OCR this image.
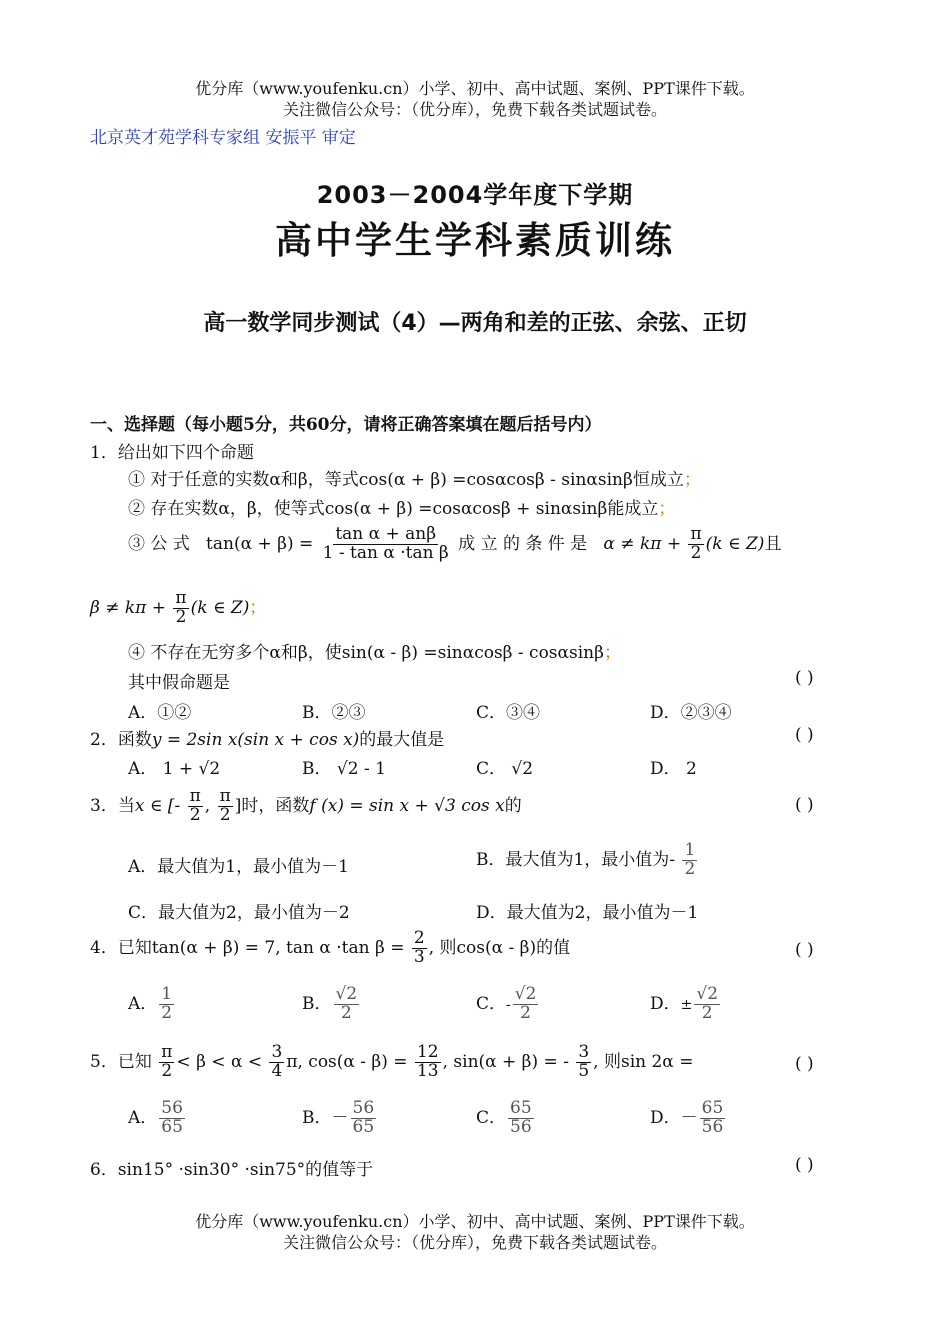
优分库（www.youfenku.cn）小学、初中、高中试题、案例、PPT课件下载。
关注微信公众号：（优分库），免费下载各类试题试卷。
北京英才苑学科专家组 安振平 审定
2003－2004学年度下学期
高中学生学科素质训练
高一数学同步测试（4）—两角和差的正弦、余弦、正切
一、选择题（每小题5分，共60分，请将正确答案填在题后括号内）
1．给出如下四个命题
① 对于任意的实数α和β，等式cos(α + β) =cosαcosβ - sinαsinβ恒成立；
② 存在实数α，β，使等式cos(α + β) =cosαcosβ + sinαsinβ能成立；
③ 公 式 $\tan(\alpha + \beta) = \frac{\text{tan α + anβ}}{\text{1 - tan α ·tan β}}$ 成 立 的 条 件 是 $\alpha \ne k\pi + \frac{\pi}{2} (k$ ∈ Z)且
$\beta \ne k\pi + \frac{\pi}{2} (k$ ∈ Z)；
④ 不存在无穷多个α和β，使sin(α - β) =sinαcosβ - cosαsinβ；
其中假命题是	( )
A．①②	B．②③	C．③④	D．②③④
2．函数y = 2sin x(sin x + cos x)的最大值是	( )
A． 1 + √2	B． √2 - 1	C． √2	D． 2
3．当x ∈ [- $\frac{\pi}{2}$ , $\frac{\pi}{2}$ ]时，函数f (x) = sin x + √3 cos x的	( )
A．最大值为1，最小值为－1	B．最大值为1，最小值为- $\frac{1}{2}$
C．最大值为2，最小值为－2	D．最大值为2，最小值为－1
4．已知tan(α + β) = 7, tan α ·tan $\beta = \frac{2}{3}$ , 则cos(α - β)的值	( )
A． $\frac{1}{2}$	B． $\frac{√2}{2}$	C．- $\frac{√2}{2}$	D．± $\frac{√2}{2}$
5．已知 $\frac{\pi}{2} < \beta < \alpha < \frac{3}{4} \pi$, $\cos(\alpha - \beta) = \frac{12}{13}$ , sin(α + β) = - $\frac{3}{5}$ , 则sin 2α =	( )
A． $\frac{56}{65}$	B．－ $\frac{56}{65}$	C． $\frac{65}{56}$	D．－ $\frac{65}{56}$
6．sin15° ·sin30° ·sin75°的值等于	( )
优分库（www.youfenku.cn）小学、初中、高中试题、案例、PPT课件下载。
关注微信公众号：（优分库），免费下载各类试题试卷。
